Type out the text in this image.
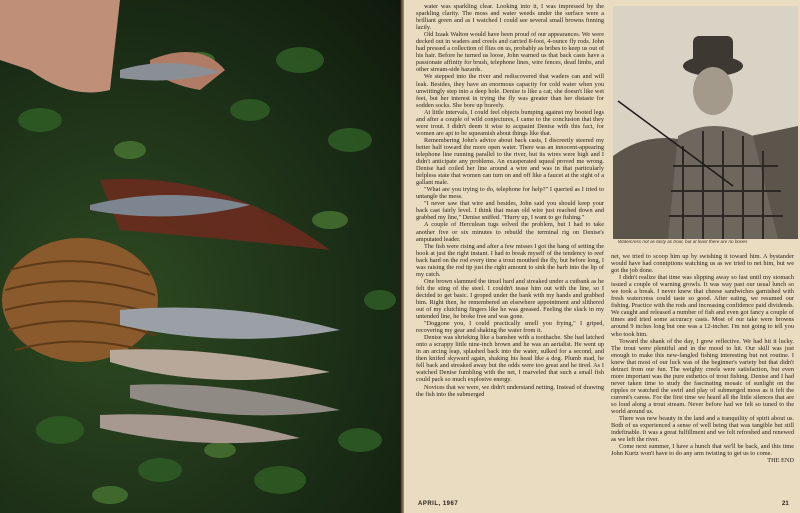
water was sparkling clear. Looking into it, I was impressed by the sparkling clarity. The moss and water weeds under the surface were a brilliant green and as I watched I could see several small browns finning lazily.

Old Izaak Walton would have been proud of our appearances. We were decked out in waders and creels and carried 8-foot, 4-ounce fly rods. John had pressed a collection of flies on us, probably as bribes to keep us out of his hair. Before he turned us loose, John warned us that back casts have a passionate affinity for brush, telephone lines, wire fences, dead limbs, and other stream-side hazards.

We stepped into the river and rediscovered that waders can and will leak. Besides, they have an enormous capacity for cold water when you unwittingly step into a deep hole. Denise is like a cat; she doesn't like wet feet, but her interest in trying the fly was greater than her distaste for sodden socks. She bore up bravely.

At little intervals, I could feel objects bumping against my booted legs and after a couple of wild conjectures, I came to the conclusion that they were trout. I didn't deem it wise to acquaint Denise with this fact, for women are apt to be squeamish about things like that.

Remembering John's advice about back casts, I discreetly steered my better half toward the more open water. There was an innocent-appearing telephone line running parallel to the river, but its wires were high and I didn't anticipate any problems. An exasperated squeal proved me wrong. Denise had coiled her line around a wire and was in that particularly helpless state that women can turn on and off like a faucet at the sight of a gallant male.

"What are you trying to do, telephone for help?" I queried as I tried to untangle the mess.

"I never saw that wire and besides, John said you should keep your back cast fairly level. I think that mean old wire just reached down and grabbed my line," Denise sniffed. "Hurry up, I want to go fishing."

A couple of Herculean tugs solved the problem, but I had to take another five or six minutes to rebuild the terminal rig on Denise's amputated leader.

The fish were rising and after a few misses I got the hang of setting the hook at just the right instant. I had to break myself of the tendency to reef back hard on the rod every time a trout mouthed the fly, but before long, I was raising the rod tip just the right amount to sink the barb into the lip of my catch.

One brown slammed the tinsel hard and streaked under a cutbank as he felt the sting of the steel. I couldn't tease him out with the line, so I decided to get basic. I groped under the bank with my hands and grabbed him. Right then, he remembered an elsewhere appointment and slithered out of my clutching fingers like he was greased. Feeling the slack in my untended line, he broke free and was gone.

"Doggone you, I could practically smell you frying," I griped, recovering my gear and shaking the water from it.

Denise was shrieking like a banshee with a toothache. She had latched onto a scrappy little nine-inch brown and he was an aerialist. He went up in an arcing leap, splashed back into the water, sulked for a second, and then knifed skyward again, shaking his head like a dog. Plumb mad, he fell back and streaked away but the odds were too great and he tired. As I watched Denise fumbling with the net, I marveled that such a small fish could pack so much explosive energy.

Novices that we were, we didn't understand netting. Instead of drawing the fish into the submerged

Watercress not as tasty as trout, but at least there are no bones

net, we tried to scoop him up by swishing it toward him. A bystander would have had conniptions watching us as we tried to net him, but we got the job done.

I didn't realize that time was slipping away so fast until my stomach issued a couple of warning growls. It was way past our usual lunch so we took a break. I never knew that cheese sandwiches garnished with fresh watercress could taste so good. After eating, we resumed our fishing. Practice with the rods and increasing confidence paid dividends. We caught and released a number of fish and even got fancy a couple of times and tried some accuracy casts. Most of our take were browns around 9 inches long but one was a 12-incher. I'm not going to tell you who took him.

Toward the shank of the day, I grew reflective. We had hit it lucky. The trout were plentiful and in the mood to hit. Our skill was just enough to make this new-fangled fishing interesting but not routine. I knew that most of our luck was of the beginner's variety but that didn't detract from our fun. The weighty creels were satisfaction, but even more important was the pure esthetics of trout fishing. Denise and I had never taken time to study the fascinating mosaic of sunlight on the ripples or watched the swirl and play of submerged moss as it felt the current's caress. For the first time we heard all the little silences that are so loud along a trout stream. Never before had we felt so tuned to the world around us.

There was new beauty in the land and a tranquility of spirit about us. Both of us experienced a sense of well being that was tangible but still indefinable. It was a great fulfillment and we felt refreshed and renewed as we left the river.

Come next summer, I have a hunch that we'll be back, and this time John Kurtz won't have to do any arm twisting to get us to come.

THE END

APRIL, 1967	21
